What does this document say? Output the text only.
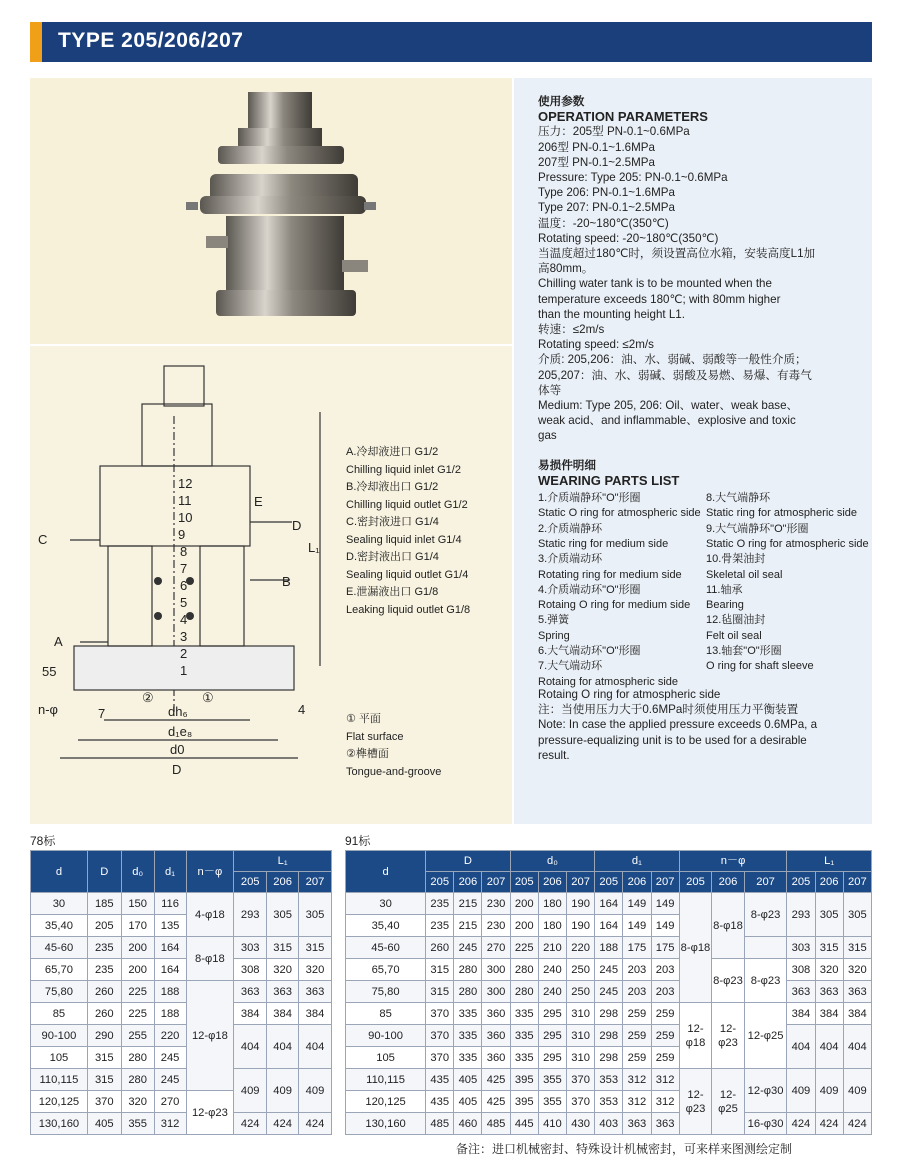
TYPE 205/206/207
12
11
10
9
8
7
6
5
4
3
2
1
C
A
B
D
E
L₁
55
4
n-φ	7	dh₆
d₁e₈
d0
D
②	①
A.冷却液进口 G1/2
Chilling liquid inlet G1/2
B.冷却液出口 G1/2
Chilling liquid outlet G1/2
C.密封液进口 G1/4
Sealing liquid inlet G1/4
D.密封液出口 G1/4
Sealing liquid outlet G1/4
E.泄漏液出口 G1/8
Leaking liquid outlet G1/8
① 平面
Flat surface
②榫槽面
Tongue-and-groove
使用参数
OPERATION PARAMETERS
压力：205型 PN-0.1~0.6MPa
206型 PN-0.1~1.6MPa
207型 PN-0.1~2.5MPa
Pressure: Type 205: PN-0.1~0.6MPa
Type 206: PN-0.1~1.6MPa
Type 207: PN-0.1~2.5MPa
温度：-20~180℃(350℃)
Rotating speed: -20~180℃(350℃)
当温度超过180℃时，须设置高位水箱，安装高度L1加
高80mm。
Chilling water tank is to be mounted when the
temperature exceeds 180℃; with 80mm higher
than the mounting height L1.
转速：≤2m/s
Rotating speed: ≤2m/s
介质: 205,206：油、水、弱碱、弱酸等一般性介质；
205,207：油、水、弱碱、弱酸及易燃、易爆、有毒气
体等
Medium: Type 205, 206: Oil、water、weak base、
weak acid、and inflammable、explosive and toxic
gas
易损件明细
WEARING PARTS LIST
1.介质端静环"O"形圈
Static O ring for atmospheric side
2.介质端静环
Static ring for medium side
3.介质端动环
Rotating ring for medium side
4.介质端动环"O"形圈
Rotaing O ring for medium side
5.弹簧
Spring
6.大气端动环"O"形圈
7.大气端动环
Rotaing for atmospheric side
8.大气端静环
Static ring for atmospheric side
9.大气端静环"O"形圈
Static O ring for atmospheric side
10.骨架油封
Skeletal oil seal
11.轴承
Bearing
12.毡圈油封
Felt oil seal
13.轴套"O"形圈
O ring for shaft sleeve
Rotaing O ring for atmospheric side
注：当使用压力大于0.6MPa时须使用压力平衡装置
Note: In case the applied pressure exceeds 0.6MPa, a
pressure-equalizing unit is to be used for a desirable
result.
78标	91标
d	D	d₀	d₁	n－φ	L₁		
					205	206	207
30	185	150	116	4-φ18	293	305	305
35,40	205	170	135				
45-60	235	200	164	8-φ18	303	315	315
65,70	235	200	164		308	320	320
75,80	260	225	188	12-φ18	363	363	363
85	260	225	188		384	384	384
90-100	290	255	220		404	404	404
105	315	280	245				
110,115	315	280	245		409	409	409
120,125	370	320	270	12-φ23			
130,160	405	355	312		424	424	424
d	D			d₀			d₁			n－φ			L₁		
	205	206	207	205	206	207	205	206	207	205	206	207	205	206	207
30	235	215	230	200	180	190	164	149	149	8-φ18	8-φ18	8-φ23	293	305	305
35,40	235	215	230	200	180	190	164	149	149						
45-60	260	245	270	225	210	220	188	175	175				303	315	315
65,70	315	280	300	280	240	250	245	203	203		8-φ23	8-φ23	308	320	320
75,80	315	280	300	280	240	250	245	203	203				363	363	363
85	370	335	360	335	295	310	298	259	259	12-φ18	12-φ23	12-φ25	384	384	384
90-100	370	335	360	335	295	310	298	259	259				404	404	404
105	370	335	360	335	295	310	298	259	259						
110,115	435	405	425	395	355	370	353	312	312	12-φ23	12-φ25	12-φ30	409	409	409
120,125	435	405	425	395	355	370	353	312	312						
130,160	485	460	485	445	410	430	403	363	363			16-φ30	424	424	424
备注：进口机械密封、特殊设计机械密封，可来样来图测绘定制
